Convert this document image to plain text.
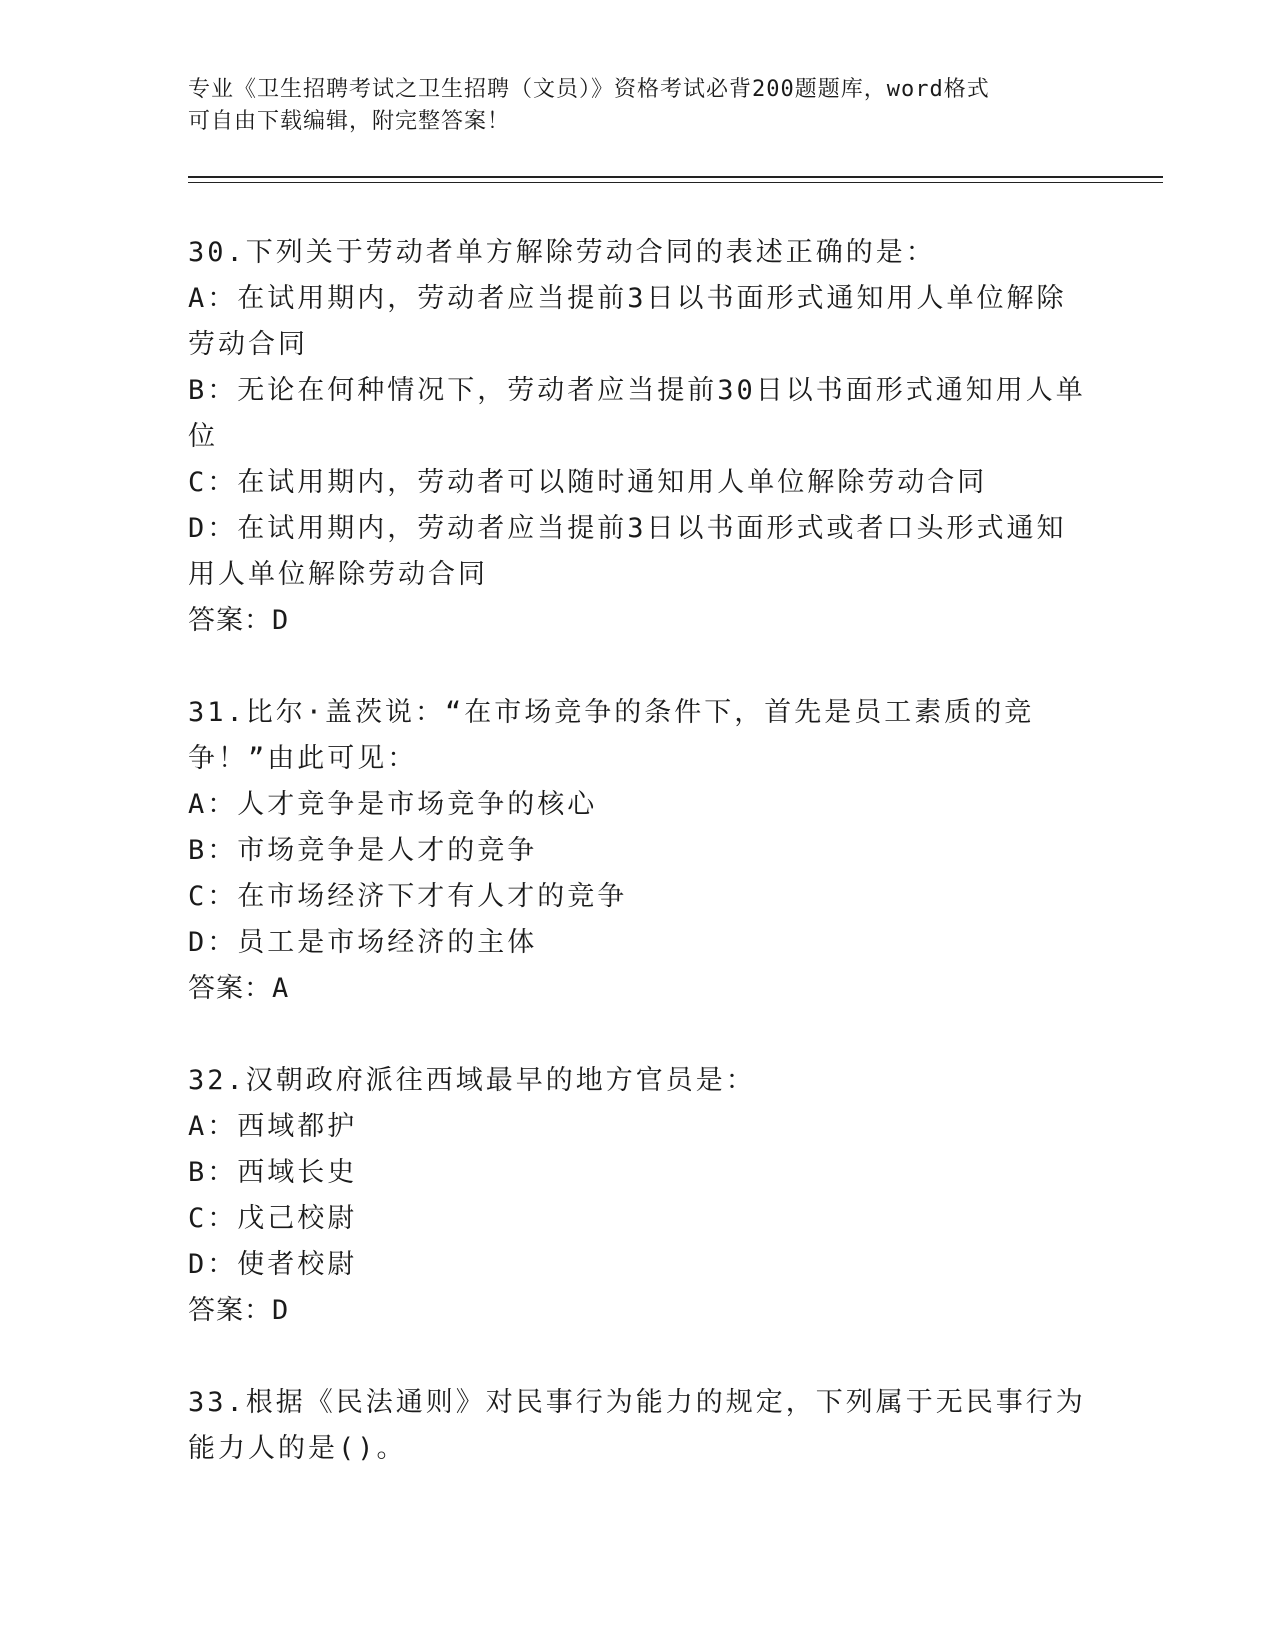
专业《卫生招聘考试之卫生招聘（文员）》资格考试必背200题题库，word格式
可自由下载编辑，附完整答案！
30.下列关于劳动者单方解除劳动合同的表述正确的是：
A：在试用期内，劳动者应当提前3日以书面形式通知用人单位解除劳动合同
B：无论在何种情况下，劳动者应当提前30日以书面形式通知用人单位
C：在试用期内，劳动者可以随时通知用人单位解除劳动合同
D：在试用期内，劳动者应当提前3日以书面形式或者口头形式通知用人单位解除劳动合同
答案：D
31.比尔·盖茨说：“在市场竞争的条件下，首先是员工素质的竞争！”由此可见：
A：人才竞争是市场竞争的核心
B：市场竞争是人才的竞争
C：在市场经济下才有人才的竞争
D：员工是市场经济的主体
答案：A
32.汉朝政府派往西域最早的地方官员是：
A：西域都护
B：西域长史
C：戊己校尉
D：使者校尉
答案：D
33.根据《民法通则》对民事行为能力的规定，下列属于无民事行为能力人的是()。
